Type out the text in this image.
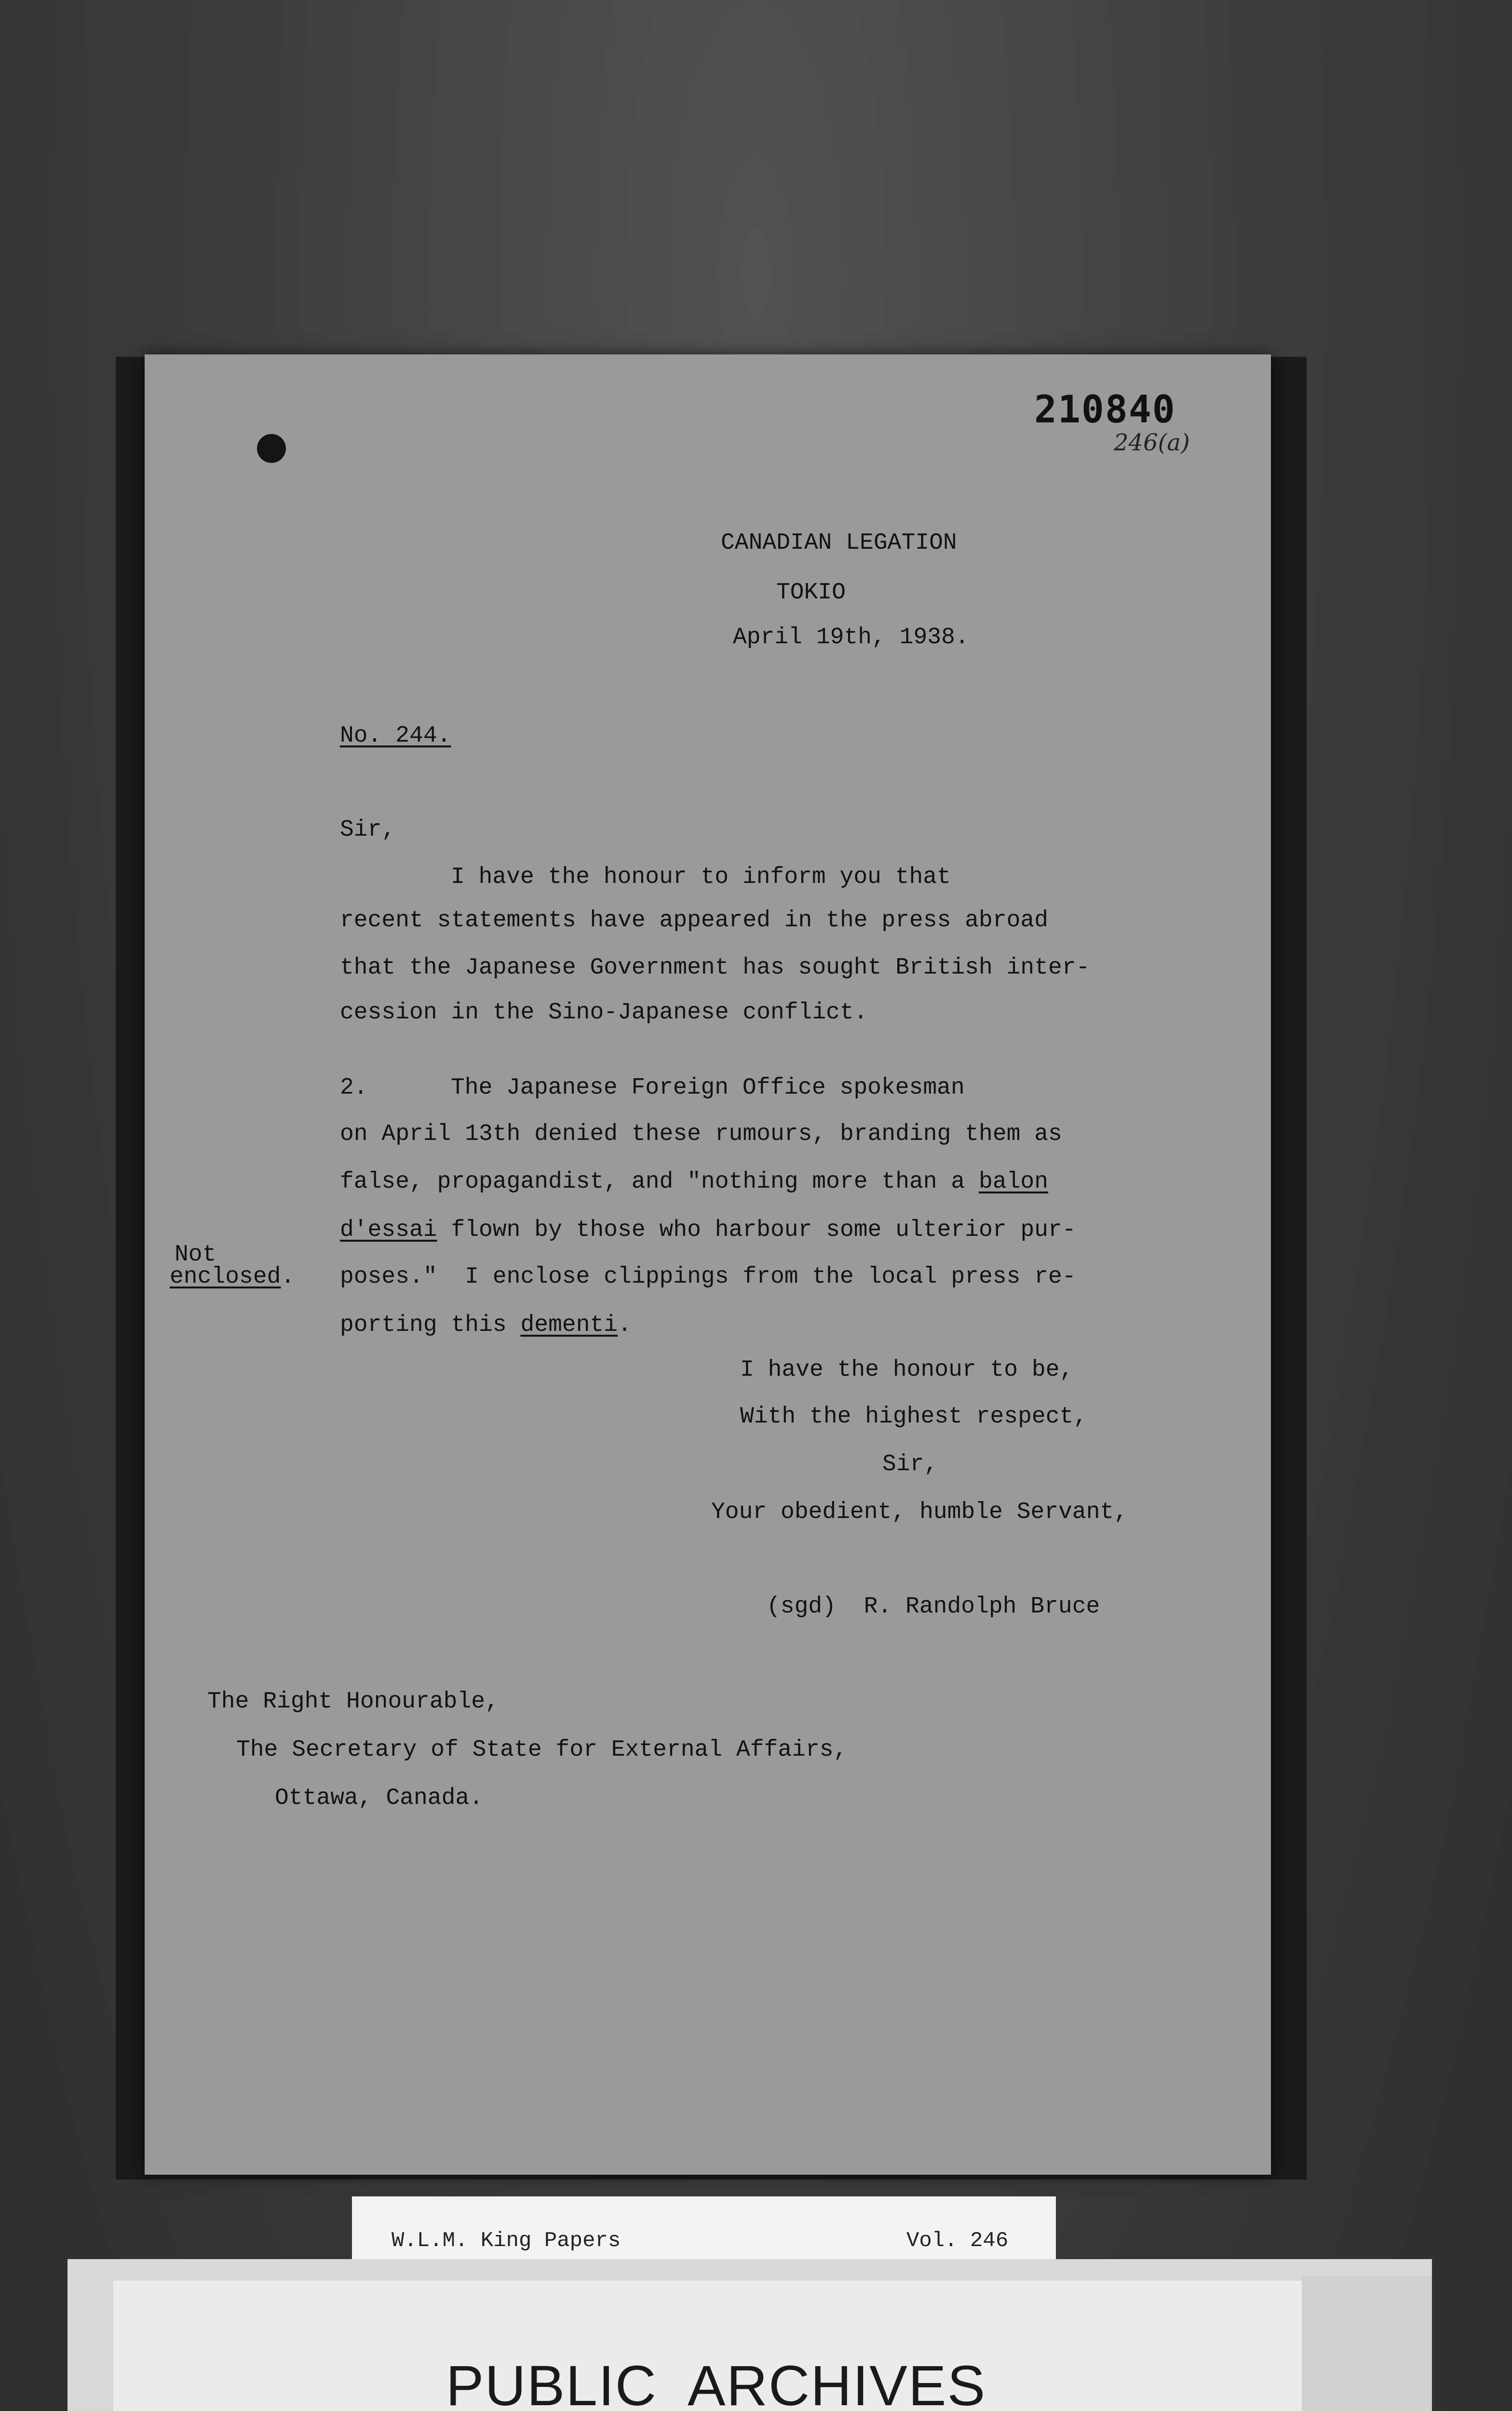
210840
246(a)
CANADIAN LEGATION
TOKIO
April 19th, 1938.
No. 244.
Sir,
I have the honour to inform you that
recent statements have appeared in the press abroad
that the Japanese Government has sought British inter-
cession in the Sino-Japanese conflict.
2.	The Japanese Foreign Office spokesman
on April 13th denied these rumours, branding them as
false, propagandist, and "nothing more than a balon
d'essai flown by those who harbour some ulterior pur-
poses."  I enclose clippings from the local press re-
porting this dementi.
Not
enclosed.
I have the honour to be,
With the highest respect,
Sir,
Your obedient, humble Servant,
(sgd)  R. Randolph Bruce
The Right Honourable,
The Secretary of State for External Affairs,
Ottawa, Canada.
W.L.M. King Papers	Vol. 246
PUBLIC  ARCHIVES
